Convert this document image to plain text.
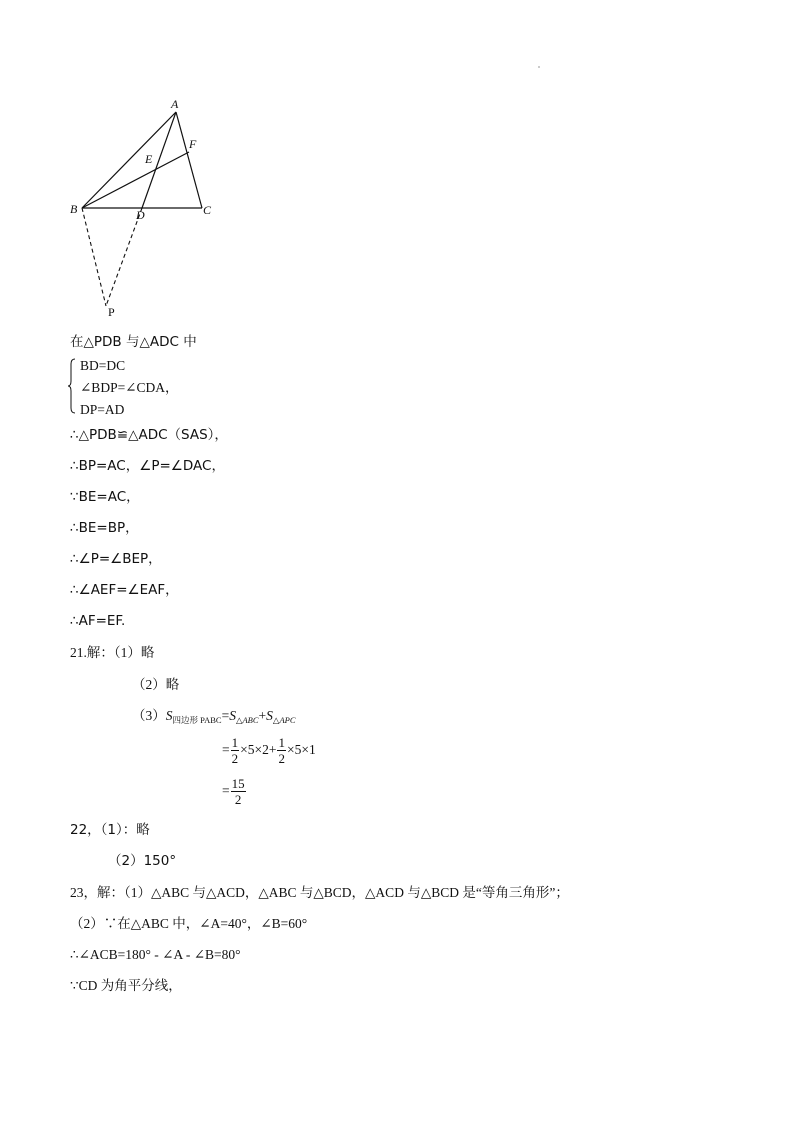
A
B	C
D
E
F
P
在△PDB 与△ADC 中
BD=DC
∠BDP=∠CDA，
DP=AD
∴△PDB≌△ADC（SAS），
∴BP=AC，∠P=∠DAC，
∵BE=AC，
∴BE=BP，
∴∠P=∠BEP，
∴∠AEF=∠EAF，
∴AF=EF.
21.解：（1）略
（2）略
$(3)S_{四边形 PABC}=S_{\triangle ABC}+S_{\triangle APC}$
= $\frac{1}{2} \times 5\times 2+ \frac{1}{2} \times 5\times 1$
= $\frac{15}{2}$
22，（1）：略
（2）150°
23，解：（1）△ABC 与△ACD，△ABC 与△BCD，△ACD 与△BCD 是“等角三角形”；
（2）∵在△ABC 中，∠A=40°，∠B=60°
∴∠ACB=180° - ∠A - ∠B=80°
∵CD 为角平分线，
